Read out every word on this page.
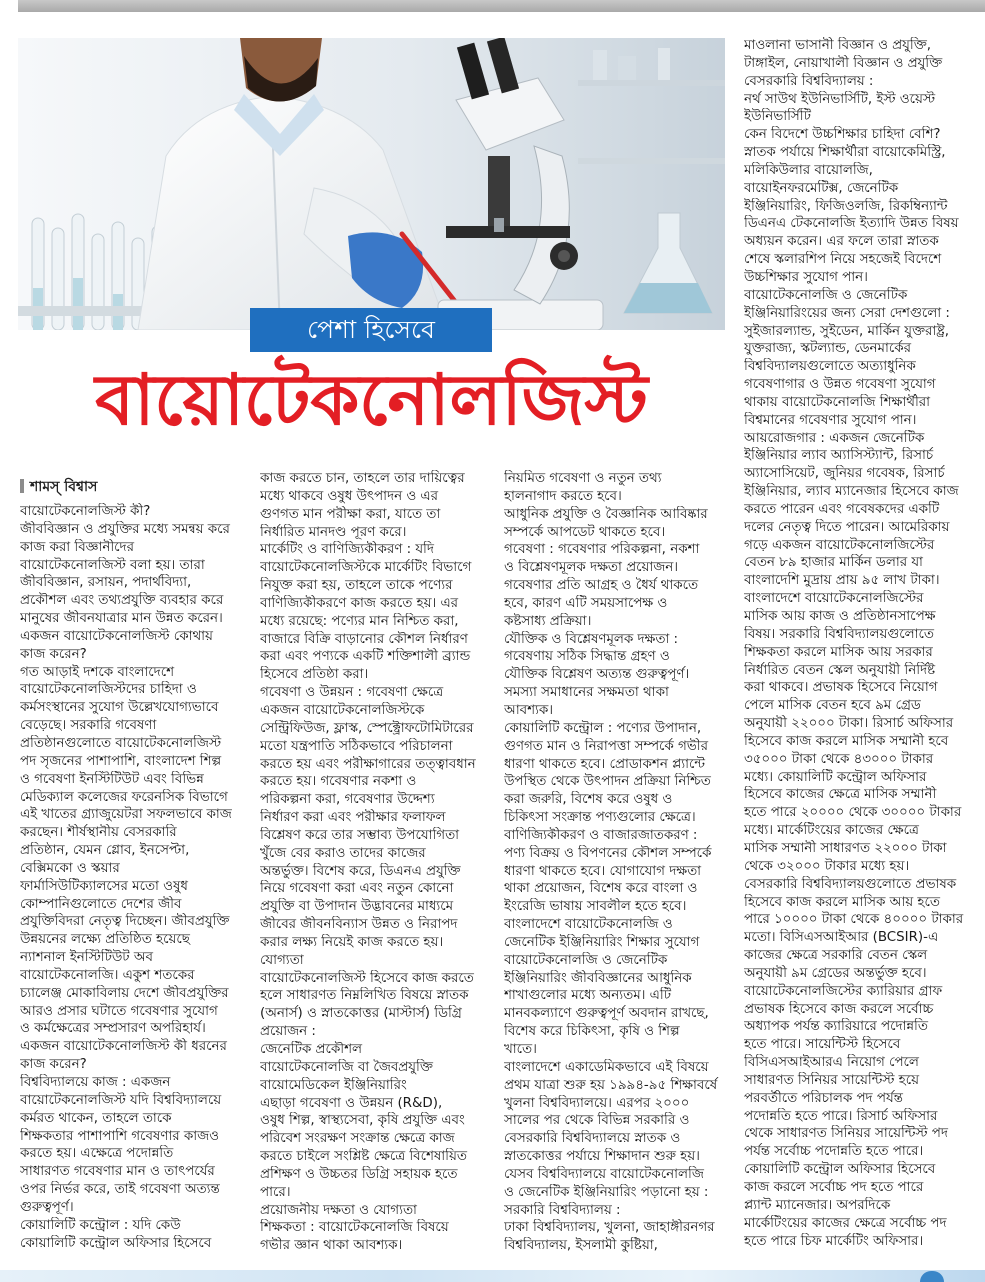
পেশা হিসেবে
বায়োটেকনোলজিস্ট
শামস্ বিশ্বাস
বায়োটেকনোলজিস্ট কী?
জীববিজ্ঞান ও প্রযুক্তির মধ্যে সমন্বয় করে
কাজ করা বিজ্ঞানীদের
বায়োটেকনোলজিস্ট বলা হয়। তারা
জীববিজ্ঞান, রসায়ন, পদার্থবিদ্যা,
প্রকৌশল এবং তথ্যপ্রযুক্তি ব্যবহার করে
মানুষের জীবনযাত্রার মান উন্নত করেন।
একজন বায়োটেকনোলজিস্ট কোথায়
কাজ করেন?
গত আড়াই দশকে বাংলাদেশে
বায়োটেকনোলজিস্টদের চাহিদা ও
কর্মসংস্থানের সুযোগ উল্লেখযোগ্যভাবে
বেড়েছে। সরকারি গবেষণা
প্রতিষ্ঠানগুলোতে বায়োটেকনোলজিস্ট
পদ সৃজনের পাশাপাশি, বাংলাদেশ শিল্প
ও গবেষণা ইনস্টিটিউট এবং বিভিন্ন
মেডিক্যাল কলেজের ফরেনসিক বিভাগে
এই খাতের গ্র্যাজুয়েটরা সফলভাবে কাজ
করছেন। শীর্ষস্থানীয় বেসরকারি
প্রতিষ্ঠান, যেমন গ্লোব, ইনসেপ্টা,
বেক্সিমকো ও স্কয়ার
ফার্মাসিউটিক্যালসের মতো ওষুধ
কোম্পানিগুলোতে দেশের জীব
প্রযুক্তিবিদরা নেতৃত্ব দিচ্ছেন। জীবপ্রযুক্তি
উন্নয়নের লক্ষ্যে প্রতিষ্ঠিত হয়েছে
ন্যাশনাল ইনস্টিটিউট অব
বায়োটেকনোলজি। একুশ শতকের
চ্যালেঞ্জ মোকাবিলায় দেশে জীবপ্রযুক্তির
আরও প্রসার ঘটাতে গবেষণার সুযোগ
ও কর্মক্ষেত্রের সম্প্রসারণ অপরিহার্য।
একজন বায়োটেকনোলজিস্ট কী ধরনের
কাজ করেন?
বিশ্ববিদ্যালয়ে কাজ : একজন
বায়োটেকনোলজিস্ট যদি বিশ্ববিদ্যালয়ে
কর্মরত থাকেন, তাহলে তাকে
শিক্ষকতার পাশাপাশি গবেষণার কাজও
করতে হয়। এক্ষেত্রে পদোন্নতি
সাধারণত গবেষণার মান ও তাৎপর্যের
ওপর নির্ভর করে, তাই গবেষণা অত্যন্ত
গুরুত্বপূর্ণ।
কোয়ালিটি কন্ট্রোল : যদি কেউ
কোয়ালিটি কন্ট্রোল অফিসার হিসেবে
কাজ করতে চান, তাহলে তার দায়িত্বের
মধ্যে থাকবে ওষুধ উৎপাদন ও এর
গুণগত মান পরীক্ষা করা, যাতে তা
নির্ধারিত মানদণ্ড পূরণ করে।
মার্কেটিং ও বাণিজ্যিকীকরণ : যদি
বায়োটেকনোলজিস্টকে মার্কেটিং বিভাগে
নিযুক্ত করা হয়, তাহলে তাকে পণ্যের
বাণিজ্যিকীকরণে কাজ করতে হয়। এর
মধ্যে রয়েছে: পণ্যের মান নিশ্চিত করা,
বাজারে বিক্রি বাড়ানোর কৌশল নির্ধারণ
করা এবং পণ্যকে একটি শক্তিশালী ব্র্যান্ড
হিসেবে প্রতিষ্ঠা করা।
গবেষণা ও উন্নয়ন : গবেষণা ক্ষেত্রে
একজন বায়োটেকনোলজিস্টকে
সেন্ট্রিফিউজ, ফ্লাস্ক, স্পেক্ট্রোফটোমিটারের
মতো যন্ত্রপাতি সঠিকভাবে পরিচালনা
করতে হয় এবং পরীক্ষাগারের তত্ত্বাবধান
করতে হয়। গবেষণার নকশা ও
পরিকল্পনা করা, গবেষণার উদ্দেশ্য
নির্ধারণ করা এবং পরীক্ষার ফলাফল
বিশ্লেষণ করে তার সম্ভাব্য উপযোগিতা
খুঁজে বের করাও তাদের কাজের
অন্তর্ভুক্ত। বিশেষ করে, ডিএনএ প্রযুক্তি
নিয়ে গবেষণা করা এবং নতুন কোনো
প্রযুক্তি বা উপাদান উদ্ভাবনের মাধ্যমে
জীবের জীবনবিন্যাস উন্নত ও নিরাপদ
করার লক্ষ্য নিয়েই কাজ করতে হয়।
যোগ্যতা
বায়োটেকনোলজিস্ট হিসেবে কাজ করতে
হলে সাধারণত নিম্নলিখিত বিষয়ে স্নাতক
(অনার্স) ও স্নাতকোত্তর (মাস্টার্স) ডিগ্রি
প্রয়োজন :
জেনেটিক প্রকৌশল
বায়োটেকনোলজি বা জৈবপ্রযুক্তি
বায়োমেডিকেল ইঞ্জিনিয়ারিং
এছাড়া গবেষণা ও উন্নয়ন (R&D),
ওষুধ শিল্প, স্বাস্থ্যসেবা, কৃষি প্রযুক্তি এবং
পরিবেশ সংরক্ষণ সংক্রান্ত ক্ষেত্রে কাজ
করতে চাইলে সংশ্লিষ্ট ক্ষেত্রে বিশেষায়িত
প্রশিক্ষণ ও উচ্চতর ডিগ্রি সহায়ক হতে
পারে।
প্রয়োজনীয় দক্ষতা ও যোগ্যতা
শিক্ষকতা : বায়োটেকনোলজি বিষয়ে
গভীর জ্ঞান থাকা আবশ্যক।
নিয়মিত গবেষণা ও নতুন তথ্য
হালনাগাদ করতে হবে।
আধুনিক প্রযুক্তি ও বৈজ্ঞানিক আবিষ্কার
সম্পর্কে আপডেট থাকতে হবে।
গবেষণা : গবেষণার পরিকল্পনা, নকশা
ও বিশ্লেষণমূলক দক্ষতা প্রয়োজন।
গবেষণার প্রতি আগ্রহ ও ধৈর্য থাকতে
হবে, কারণ এটি সময়সাপেক্ষ ও
কষ্টসাধ্য প্রক্রিয়া।
যৌক্তিক ও বিশ্লেষণমূলক দক্ষতা :
গবেষণায় সঠিক সিদ্ধান্ত গ্রহণ ও
যৌক্তিক বিশ্লেষণ অত্যন্ত গুরুত্বপূর্ণ।
সমস্যা সমাধানের সক্ষমতা থাকা
আবশ্যক।
কোয়ালিটি কন্ট্রোল : পণ্যের উপাদান,
গুণগত মান ও নিরাপত্তা সম্পর্কে গভীর
ধারণা থাকতে হবে। প্রোডাকশন প্ল্যান্টে
উপস্থিত থেকে উৎপাদন প্রক্রিয়া নিশ্চিত
করা জরুরি, বিশেষ করে ওষুধ ও
চিকিৎসা সংক্রান্ত পণ্যগুলোর ক্ষেত্রে।
বাণিজ্যিকীকরণ ও বাজারজাতকরণ :
পণ্য বিক্রয় ও বিপণনের কৌশল সম্পর্কে
ধারণা থাকতে হবে। যোগাযোগ দক্ষতা
থাকা প্রয়োজন, বিশেষ করে বাংলা ও
ইংরেজি ভাষায় সাবলীল হতে হবে।
বাংলাদেশে বায়োটেকনোলজি ও
জেনেটিক ইঞ্জিনিয়ারিং শিক্ষার সুযোগ
বায়োটেকনোলজি ও জেনেটিক
ইঞ্জিনিয়ারিং জীববিজ্ঞানের আধুনিক
শাখাগুলোর মধ্যে অন্যতম। এটি
মানবকল্যাণে গুরুত্বপূর্ণ অবদান রাখছে,
বিশেষ করে চিকিৎসা, কৃষি ও শিল্প
খাতে।
বাংলাদেশে একাডেমিকভাবে এই বিষয়ে
প্রথম যাত্রা শুরু হয় ১৯৯৪-৯৫ শিক্ষাবর্ষে
খুলনা বিশ্ববিদ্যালয়ে। এরপর ২০০০
সালের পর থেকে বিভিন্ন সরকারি ও
বেসরকারি বিশ্ববিদ্যালয়ে স্নাতক ও
স্নাতকোত্তর পর্যায়ে শিক্ষাদান শুরু হয়।
যেসব বিশ্ববিদ্যালয়ে বায়োটেকনোলজি
ও জেনেটিক ইঞ্জিনিয়ারিং পড়ানো হয় :
সরকারি বিশ্ববিদ্যালয় :
ঢাকা বিশ্ববিদ্যালয়, খুলনা, জাহাঙ্গীরনগর
বিশ্ববিদ্যালয়, ইসলামী কুষ্টিয়া,
মাওলানা ভাসানী বিজ্ঞান ও প্রযুক্তি,
টাঙ্গাইল, নোয়াখালী বিজ্ঞান ও প্রযুক্তি
বেসরকারি বিশ্ববিদ্যালয় :
নর্থ সাউথ ইউনিভার্সিটি, ইস্ট ওয়েস্ট
ইউনিভার্সিটি
কেন বিদেশে উচ্চশিক্ষার চাহিদা বেশি?
স্নাতক পর্যায়ে শিক্ষার্থীরা বায়োকেমিস্ট্রি,
মলিকিউলার বায়োলজি,
বায়োইনফরমেটিক্স, জেনেটিক
ইঞ্জিনিয়ারিং, ফিজিওলজি, রিকম্বিন্যান্ট
ডিএনএ টেকনোলজি ইত্যাদি উন্নত বিষয়
অধ্যয়ন করেন। এর ফলে তারা স্নাতক
শেষে স্কলারশিপ নিয়ে সহজেই বিদেশে
উচ্চশিক্ষার সুযোগ পান।
বায়োটেকনোলজি ও জেনেটিক
ইঞ্জিনিয়ারিংয়ের জন্য সেরা দেশগুলো :
সুইজারল্যান্ড, সুইডেন, মার্কিন যুক্তরাষ্ট্র,
যুক্তরাজ্য, স্কটল্যান্ড, ডেনমার্কের
বিশ্ববিদ্যালয়গুলোতে অত্যাধুনিক
গবেষণাগার ও উন্নত গবেষণা সুযোগ
থাকায় বায়োটেকনোলজি শিক্ষার্থীরা
বিশ্বমানের গবেষণার সুযোগ পান।
আয়রোজগার : একজন জেনেটিক
ইঞ্জিনিয়ার ল্যাব অ্যাসিস্ট্যান্ট, রিসার্চ
অ্যাসোসিয়েট, জুনিয়র গবেষক, রিসার্চ
ইঞ্জিনিয়ার, ল্যাব ম্যানেজার হিসেবে কাজ
করতে পারেন এবং গবেষকদের একটি
দলের নেতৃত্ব দিতে পারেন। আমেরিকায়
গড়ে একজন বায়োটেকনোলজিস্টের
বেতন ৮৯ হাজার মার্কিন ডলার যা
বাংলাদেশি মুদ্রায় প্রায় ৯৫ লাখ টাকা।
বাংলাদেশে বায়োটেকনোলজিস্টের
মাসিক আয় কাজ ও প্রতিষ্ঠানসাপেক্ষ
বিষয়। সরকারি বিশ্ববিদ্যালয়গুলোতে
শিক্ষকতা করলে মাসিক আয় সরকার
নির্ধারিত বেতন স্কেল অনুযায়ী নির্দিষ্ট
করা থাকবে। প্রভাষক হিসেবে নিয়োগ
পেলে মাসিক বেতন হবে ৯ম গ্রেড
অনুযায়ী ২২০০০ টাকা। রিসার্চ অফিসার
হিসেবে কাজ করলে মাসিক সম্মানী হবে
৩৫০০০ টাকা থেকে ৪৩০০০ টাকার
মধ্যে। কোয়ালিটি কন্ট্রোল অফিসার
হিসেবে কাজের ক্ষেত্রে মাসিক সম্মানী
হতে পারে ২০০০০ থেকে ৩০০০০ টাকার
মধ্যে। মার্কেটিংয়ের কাজের ক্ষেত্রে
মাসিক সম্মানী সাধারণত ২২০০০ টাকা
থেকে ৩২০০০ টাকার মধ্যে হয়।
বেসরকারি বিশ্ববিদ্যালয়গুলোতে প্রভাষক
হিসেবে কাজ করলে মাসিক আয় হতে
পারে ১০০০০ টাকা থেকে ৪০০০০ টাকার
মতো। বিসিএসআইআর (BCSIR)-এ
কাজের ক্ষেত্রে সরকারি বেতন স্কেল
অনুযায়ী ৯ম গ্রেডের অন্তর্ভুক্ত হবে।
বায়োটেকনোলজিস্টের ক্যারিয়ার গ্রাফ
প্রভাষক হিসেবে কাজ করলে সর্বোচ্চ
অধ্যাপক পর্যন্ত ক্যারিয়ারে পদোন্নতি
হতে পারে। সায়েন্টিস্ট হিসেবে
বিসিএসআইআরএ নিয়োগ পেলে
সাধারণত সিনিয়র সায়েন্টিস্ট হয়ে
পরবর্তীতে পরিচালক পদ পর্যন্ত
পদোন্নতি হতে পারে। রিসার্চ অফিসার
থেকে সাধারণত সিনিয়র সায়েন্টিস্ট পদ
পর্যন্ত সর্বোচ্চ পদোন্নতি হতে পারে।
কোয়ালিটি কন্ট্রোল অফিসার হিসেবে
কাজ করলে সর্বোচ্চ পদ হতে পারে
প্ল্যান্ট ম্যানেজার। অপরদিকে
মার্কেটিংয়ের কাজের ক্ষেত্রে সর্বোচ্চ পদ
হতে পারে চিফ মার্কেটিং অফিসার।
